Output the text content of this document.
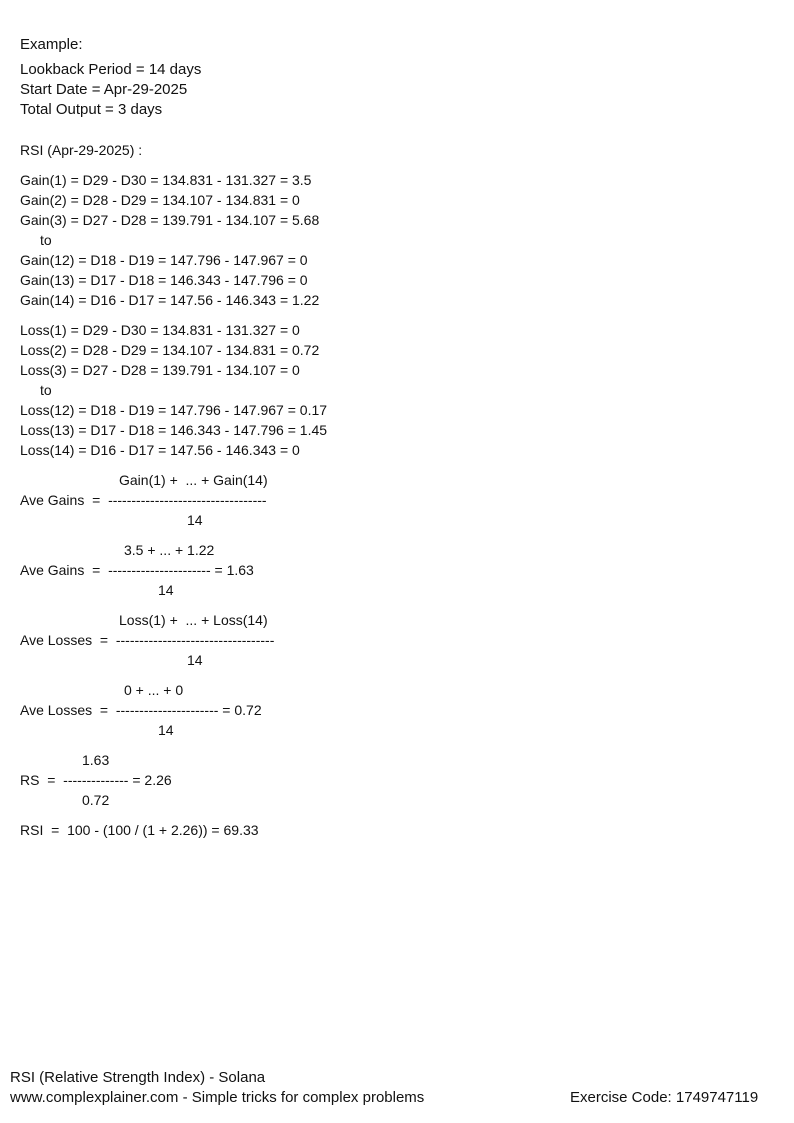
Example:
Lookback Period = 14 days
Start Date = Apr-29-2025
Total Output = 3 days
RSI (Apr-29-2025) :
Gain(1) = D29 - D30 = 134.831 - 131.327 = 3.5
Gain(2) = D28 - D29 = 134.107 - 134.831 = 0
Gain(3) = D27 - D28 = 139.791 - 134.107 = 5.68
to
Gain(12) = D18 - D19 = 147.796 - 147.967 = 0
Gain(13) = D17 - D18 = 146.343 - 147.796 = 0
Gain(14) = D16 - D17 = 147.56 - 146.343 = 1.22
Loss(1) = D29 - D30 = 134.831 - 131.327 = 0
Loss(2) = D28 - D29 = 134.107 - 134.831 = 0.72
Loss(3) = D27 - D28 = 139.791 - 134.107 = 0
to
Loss(12) = D18 - D19 = 147.796 - 147.967 = 0.17
Loss(13) = D17 - D18 = 146.343 - 147.796 = 1.45
Loss(14) = D16 - D17 = 147.56 - 146.343 = 0
Gain(1) +  ... + Gain(14)
Ave Gains  =  ----------------------------------
14
3.5 + ... + 1.22
Ave Gains  =  ---------------------- = 1.63
14
Loss(1) +  ... + Loss(14)
Ave Losses  =  ----------------------------------
14
0 + ... + 0
Ave Losses  =  ---------------------- = 0.72
14
1.63
RS  =  -------------- = 2.26
0.72
RSI  =  100 - (100 / (1 + 2.26)) = 69.33
RSI (Relative Strength Index) - Solana
www.complexplainer.com - Simple tricks for complex problems	Exercise Code: 1749747119
